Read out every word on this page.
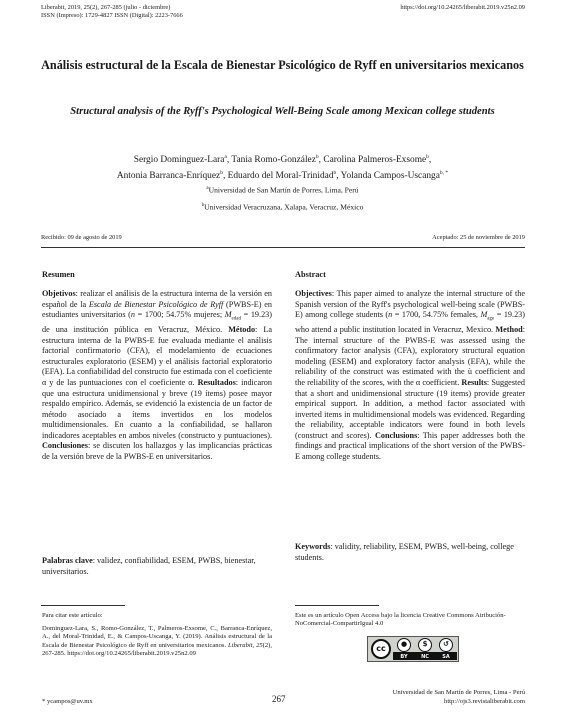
Liberabit, 2019, 25(2), 267-285 (julio - diciembre)
ISSN (Impreso): 1729-4827 ISSN (Digital): 2223-7666
https://doi.org/10.24265/liberabit.2019.v25n2.09
Análisis estructural de la Escala de Bienestar Psicológico de Ryff en universitarios mexicanos
Structural analysis of the Ryff's Psychological Well-Being Scale among Mexican college students
Sergio Dominguez-Lara$^a$, Tania Romo-González$^b$, Carolina Palmeros-Exsome$^b$,
Antonia Barranca-Enríquez$^b$, Eduardo del Moral-Trinidad$^b$, Yolanda Campos-Uscanga$^{b, *}$
$^a$Universidad de San Martín de Porres, Lima, Perú
$^b$Universidad Veracruzana, Xalapa, Veracruz, México
Recibido: 09 de agosto de 2019	Aceptado: 25 de noviembre de 2019
Resumen
Objetivos: realizar el análisis de la estructura interna de la versión en español de la Escala de Bienestar Psicológico de Ryff (PWBS-E) en estudiantes universitarios (n = 1700; 54.75% mujeres; $M_{edad} = 19.23$) de una institución pública en Veracruz, México. Método: La estructura interna de la PWBS-E fue evaluada mediante el análisis factorial confirmatorio (CFA), el modelamiento de ecuaciones estructurales exploratorio (ESEM) y el análisis factorial exploratorio (EFA). La confiabilidad del constructo fue estimada con el coeficiente α y de las puntuaciones con el coeficiente α. Resultados: indicaron que una estructura unidimensional y breve (19 ítems) posee mayor respaldo empírico. Además, se evidenció la existencia de un factor de método asociado a ítems invertidos en los modelos multidimensionales. En cuanto a la confiabilidad, se hallaron indicadores aceptables en ambos niveles (constructo y puntuaciones). Conclusiones: se discuten los hallazgos y las implicancias prácticas de la versión breve de la PWBS-E en universitarios.
Palabras clave: validez, confiabilidad, ESEM, PWBS, bienestar, universitarios.
Abstract
Objectives: This paper aimed to analyze the internal structure of the Spanish version of the Ryff's psychological well-being scale (PWBS-E) among college students (n = 1700, 54.75% females, $M_{age} = 19.23$) who attend a public institution located in Veracruz, Mexico. Method: The internal structure of the PWBS-E was assessed using the confirmatory factor analysis (CFA), exploratory structural equation modeling (ESEM) and exploratory factor analysis (EFA), while the reliability of the construct was estimated with the ù coefficient and the reliability of the scores, with the α coefficient. Results: Suggested that a short and unidimensional structure (19 items) provide greater empirical support. In addition, a method factor associated with inverted items in multidimensional models was evidenced. Regarding the reliability, acceptable indicators were found in both levels (construct and scores). Conclusions: This paper addresses both the findings and practical implications of the short version of the PWBS-E among college students.
Keywords: validity, reliability, ESEM, PWBS, well-being, college students.
Para citar este artículo:
Dominguez-Lara, S., Romo-González, T., Palmeros-Exsome, C., Barranca-Enríquez, A., del Moral-Trinidad, E., & Campos-Uscanga, Y. (2019). Análisis estructural de la Escala de Bienestar Psicológico de Ryff en universitarios mexicanos. Liberabit, 25(2), 267-285. https://doi.org/10.24265/liberabit.2019.v25n2.09
Este es un artículo Open Access bajo la licencia Creative Commons Atribución-NoComercial-CompartirIgual 4.0
cc	●	$	↺
BY	NC	SA
* ycampos@uv.mx	267
Universidad de San Martín de Porres, Lima - Perú
http://ojs3.revistaliberabit.com
